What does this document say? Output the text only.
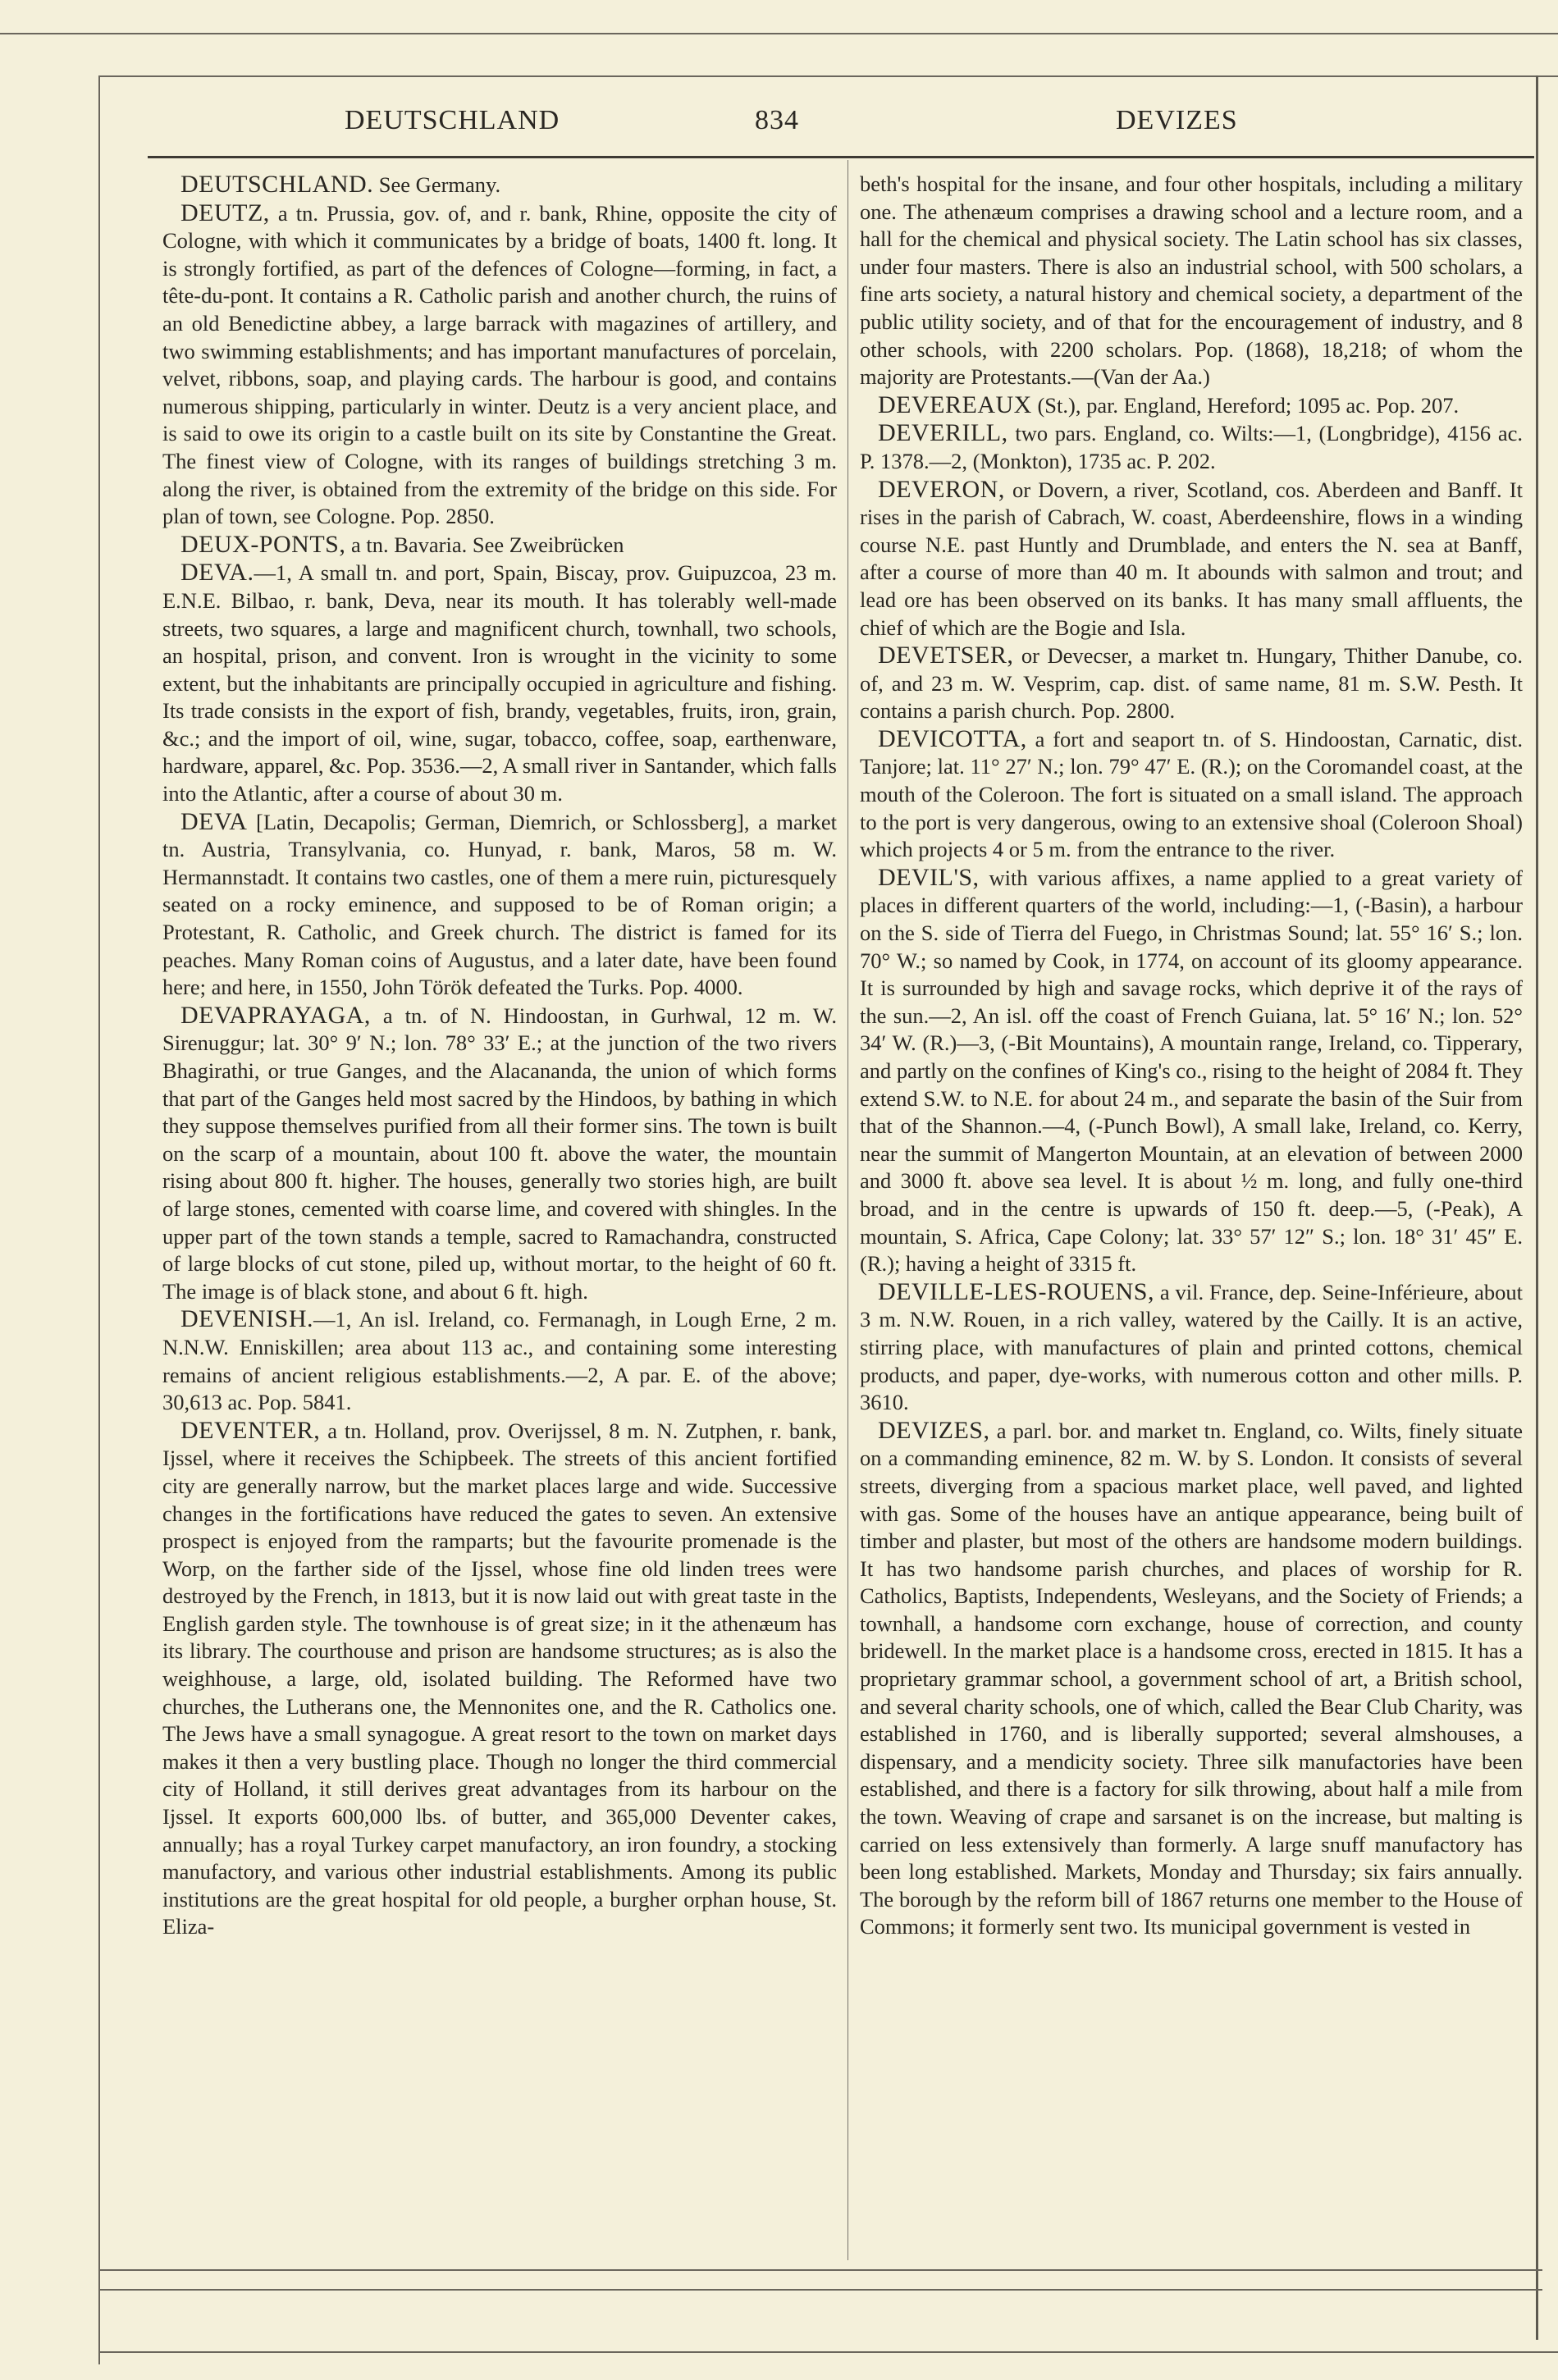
DEUTSCHLAND	834	DEVIZES

DEUTSCHLAND. See Germany.

DEUTZ, a tn. Prussia, gov. of, and r. bank, Rhine, opposite the city of Cologne, with which it communicates by a bridge of boats, 1400 ft. long. It is strongly fortified, as part of the defences of Cologne—forming, in fact, a tête-du-pont. It contains a R. Catholic parish and another church, the ruins of an old Benedictine abbey, a large barrack with magazines of artillery, and two swimming establishments; and has important manufactures of porcelain, velvet, ribbons, soap, and playing cards. The harbour is good, and contains numerous shipping, particularly in winter. Deutz is a very ancient place, and is said to owe its origin to a castle built on its site by Constantine the Great. The finest view of Cologne, with its ranges of buildings stretching 3 m. along the river, is obtained from the extremity of the bridge on this side. For plan of town, see Cologne. Pop. 2850.

DEUX-PONTS, a tn. Bavaria. See Zweibrücken

DEVA.—1, A small tn. and port, Spain, Biscay, prov. Guipuzcoa, 23 m. E.N.E. Bilbao, r. bank, Deva, near its mouth. It has tolerably well-made streets, two squares, a large and magnificent church, townhall, two schools, an hospital, prison, and convent. Iron is wrought in the vicinity to some extent, but the inhabitants are principally occupied in agriculture and fishing. Its trade consists in the export of fish, brandy, vegetables, fruits, iron, grain, &c.; and the import of oil, wine, sugar, tobacco, coffee, soap, earthenware, hardware, apparel, &c. Pop. 3536.—2, A small river in Santander, which falls into the Atlantic, after a course of about 30 m.

DEVA [Latin, Decapolis; German, Diemrich, or Schlossberg], a market tn. Austria, Transylvania, co. Hunyad, r. bank, Maros, 58 m. W. Hermannstadt. It contains two castles, one of them a mere ruin, picturesquely seated on a rocky eminence, and supposed to be of Roman origin; a Protestant, R. Catholic, and Greek church. The district is famed for its peaches. Many Roman coins of Augustus, and a later date, have been found here; and here, in 1550, John Török defeated the Turks. Pop. 4000.

DEVAPRAYAGA, a tn. of N. Hindoostan, in Gurhwal, 12 m. W. Sirenuggur; lat. 30° 9′ N.; lon. 78° 33′ E.; at the junction of the two rivers Bhagirathi, or true Ganges, and the Alacananda, the union of which forms that part of the Ganges held most sacred by the Hindoos, by bathing in which they suppose themselves purified from all their former sins. The town is built on the scarp of a mountain, about 100 ft. above the water, the mountain rising about 800 ft. higher. The houses, generally two stories high, are built of large stones, cemented with coarse lime, and covered with shingles. In the upper part of the town stands a temple, sacred to Ramachandra, constructed of large blocks of cut stone, piled up, without mortar, to the height of 60 ft. The image is of black stone, and about 6 ft. high.

DEVENISH.—1, An isl. Ireland, co. Fermanagh, in Lough Erne, 2 m. N.N.W. Enniskillen; area about 113 ac., and containing some interesting remains of ancient religious establishments.—2, A par. E. of the above; 30,613 ac. Pop. 5841.

DEVENTER, a tn. Holland, prov. Overijssel, 8 m. N. Zutphen, r. bank, Ijssel, where it receives the Schipbeek. The streets of this ancient fortified city are generally narrow, but the market places large and wide. Successive changes in the fortifications have reduced the gates to seven. An extensive prospect is enjoyed from the ramparts; but the favourite promenade is the Worp, on the farther side of the Ijssel, whose fine old linden trees were destroyed by the French, in 1813, but it is now laid out with great taste in the English garden style. The townhouse is of great size; in it the athenæum has its library. The courthouse and prison are handsome structures; as is also the weighhouse, a large, old, isolated building. The Reformed have two churches, the Lutherans one, the Mennonites one, and the R. Catholics one. The Jews have a small synagogue. A great resort to the town on market days makes it then a very bustling place. Though no longer the third commercial city of Holland, it still derives great advantages from its harbour on the Ijssel. It exports 600,000 lbs. of butter, and 365,000 Deventer cakes, annually; has a royal Turkey carpet manufactory, an iron foundry, a stocking manufactory, and various other industrial establishments. Among its public institutions are the great hospital for old people, a burgher orphan house, St. Eliza-

beth's hospital for the insane, and four other hospitals, including a military one. The athenæum comprises a drawing school and a lecture room, and a hall for the chemical and physical society. The Latin school has six classes, under four masters. There is also an industrial school, with 500 scholars, a fine arts society, a natural history and chemical society, a department of the public utility society, and of that for the encouragement of industry, and 8 other schools, with 2200 scholars. Pop. (1868), 18,218; of whom the majority are Protestants.—(Van der Aa.)

DEVEREAUX (St.), par. England, Hereford; 1095 ac. Pop. 207.

DEVERILL, two pars. England, co. Wilts:—1, (Longbridge), 4156 ac. P. 1378.—2, (Monkton), 1735 ac. P. 202.

DEVERON, or Dovern, a river, Scotland, cos. Aberdeen and Banff. It rises in the parish of Cabrach, W. coast, Aberdeenshire, flows in a winding course N.E. past Huntly and Drumblade, and enters the N. sea at Banff, after a course of more than 40 m. It abounds with salmon and trout; and lead ore has been observed on its banks. It has many small affluents, the chief of which are the Bogie and Isla.

DEVETSER, or Devecser, a market tn. Hungary, Thither Danube, co. of, and 23 m. W. Vesprim, cap. dist. of same name, 81 m. S.W. Pesth. It contains a parish church. Pop. 2800.

DEVICOTTA, a fort and seaport tn. of S. Hindoostan, Carnatic, dist. Tanjore; lat. 11° 27′ N.; lon. 79° 47′ E. (R.); on the Coromandel coast, at the mouth of the Coleroon. The fort is situated on a small island. The approach to the port is very dangerous, owing to an extensive shoal (Coleroon Shoal) which projects 4 or 5 m. from the entrance to the river.

DEVIL'S, with various affixes, a name applied to a great variety of places in different quarters of the world, including:—1, (-Basin), a harbour on the S. side of Tierra del Fuego, in Christmas Sound; lat. 55° 16′ S.; lon. 70° W.; so named by Cook, in 1774, on account of its gloomy appearance. It is surrounded by high and savage rocks, which deprive it of the rays of the sun.—2, An isl. off the coast of French Guiana, lat. 5° 16′ N.; lon. 52° 34′ W. (R.)—3, (-Bit Mountains), A mountain range, Ireland, co. Tipperary, and partly on the confines of King's co., rising to the height of 2084 ft. They extend S.W. to N.E. for about 24 m., and separate the basin of the Suir from that of the Shannon.—4, (-Punch Bowl), A small lake, Ireland, co. Kerry, near the summit of Mangerton Mountain, at an elevation of between 2000 and 3000 ft. above sea level. It is about ½ m. long, and fully one-third broad, and in the centre is upwards of 150 ft. deep.—5, (-Peak), A mountain, S. Africa, Cape Colony; lat. 33° 57′ 12″ S.; lon. 18° 31′ 45″ E. (R.); having a height of 3315 ft.

DEVILLE-LES-ROUENS, a vil. France, dep. Seine-Inférieure, about 3 m. N.W. Rouen, in a rich valley, watered by the Cailly. It is an active, stirring place, with manufactures of plain and printed cottons, chemical products, and paper, dye-works, with numerous cotton and other mills. P. 3610.

DEVIZES, a parl. bor. and market tn. England, co. Wilts, finely situate on a commanding eminence, 82 m. W. by S. London. It consists of several streets, diverging from a spacious market place, well paved, and lighted with gas. Some of the houses have an antique appearance, being built of timber and plaster, but most of the others are handsome modern buildings. It has two handsome parish churches, and places of worship for R. Catholics, Baptists, Independents, Wesleyans, and the Society of Friends; a townhall, a handsome corn exchange, house of correction, and county bridewell. In the market place is a handsome cross, erected in 1815. It has a proprietary grammar school, a government school of art, a British school, and several charity schools, one of which, called the Bear Club Charity, was established in 1760, and is liberally supported; several almshouses, a dispensary, and a mendicity society. Three silk manufactories have been established, and there is a factory for silk throwing, about half a mile from the town. Weaving of crape and sarsanet is on the increase, but malting is carried on less extensively than formerly. A large snuff manufactory has been long established. Markets, Monday and Thursday; six fairs annually. The borough by the reform bill of 1867 returns one member to the House of Commons; it formerly sent two. Its municipal government is vested in
